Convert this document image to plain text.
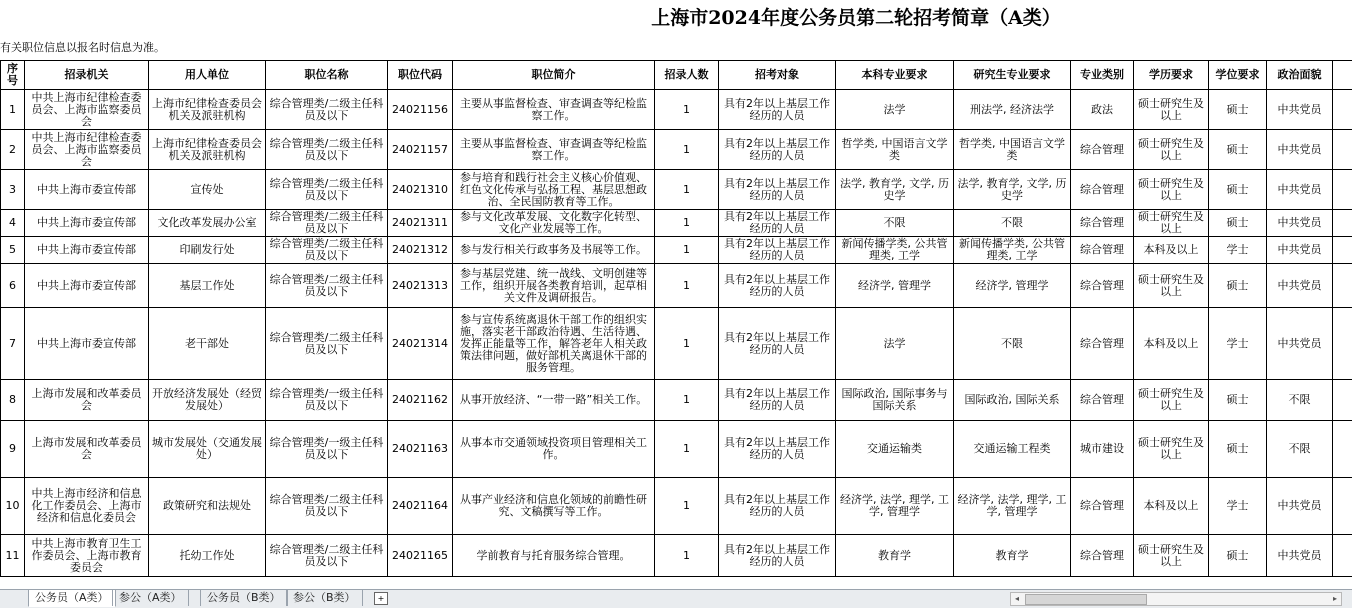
上海市2024年度公务员第二轮招考简章（A类）
有关职位信息以报名时信息为准。
序号	招录机关	用人单位	职位名称	职位代码	职位简介	招录人数	招考对象	本科专业要求	研究生专业要求	专业类别	学历要求	学位要求	政治面貌	
1	中共上海市纪律检查委员会、上海市监察委员会	上海市纪律检查委员会机关及派驻机构	综合管理类/二级主任科员及以下	24021156	主要从事监督检查、审查调查等纪检监察工作。	1	具有2年以上基层工作经历的人员	法学	刑法学, 经济法学	政法	硕士研究生及以上	硕士	中共党员	
2	中共上海市纪律检查委员会、上海市监察委员会	上海市纪律检查委员会机关及派驻机构	综合管理类/二级主任科员及以下	24021157	主要从事监督检查、审查调查等纪检监察工作。	1	具有2年以上基层工作经历的人员	哲学类, 中国语言文学类	哲学类, 中国语言文学类	综合管理	硕士研究生及以上	硕士	中共党员	
3	中共上海市委宣传部	宣传处	综合管理类/二级主任科员及以下	24021310	参与培育和践行社会主义核心价值观、红色文化传承与弘扬工程、基层思想政治、全民国防教育等工作。	1	具有2年以上基层工作经历的人员	法学, 教育学, 文学, 历史学	法学, 教育学, 文学, 历史学	综合管理	硕士研究生及以上	硕士	中共党员	
4	中共上海市委宣传部	文化改革发展办公室	综合管理类/二级主任科员及以下	24021311	参与文化改革发展、文化数字化转型、文化产业发展等工作。	1	具有2年以上基层工作经历的人员	不限	不限	综合管理	硕士研究生及以上	硕士	中共党员	
5	中共上海市委宣传部	印刷发行处	综合管理类/二级主任科员及以下	24021312	参与发行相关行政事务及书展等工作。	1	具有2年以上基层工作经历的人员	新闻传播学类, 公共管理类, 工学	新闻传播学类, 公共管理类, 工学	综合管理	本科及以上	学士	中共党员	
6	中共上海市委宣传部	基层工作处	综合管理类/二级主任科员及以下	24021313	参与基层党建、统一战线、文明创建等工作，组织开展各类教育培训，起草相关文件及调研报告。	1	具有2年以上基层工作经历的人员	经济学, 管理学	经济学, 管理学	综合管理	硕士研究生及以上	硕士	中共党员	
7	中共上海市委宣传部	老干部处	综合管理类/二级主任科员及以下	24021314	参与宣传系统离退休干部工作的组织实施，落实老干部政治待遇、生活待遇、发挥正能量等工作，解答老年人相关政策法律问题，做好部机关离退休干部的服务管理。	1	具有2年以上基层工作经历的人员	法学	不限	综合管理	本科及以上	学士	中共党员	
8	上海市发展和改革委员会	开放经济发展处（经贸发展处）	综合管理类/一级主任科员及以下	24021162	从事开放经济、“一带一路”相关工作。	1	具有2年以上基层工作经历的人员	国际政治, 国际事务与国际关系	国际政治, 国际关系	综合管理	硕士研究生及以上	硕士	不限	
9	上海市发展和改革委员会	城市发展处（交通发展处）	综合管理类/一级主任科员及以下	24021163	从事本市交通领域投资项目管理相关工作。	1	具有2年以上基层工作经历的人员	交通运输类	交通运输工程类	城市建设	硕士研究生及以上	硕士	不限	
10	中共上海市经济和信息化工作委员会、上海市经济和信息化委员会	政策研究和法规处	综合管理类/二级主任科员及以下	24021164	从事产业经济和信息化领域的前瞻性研究、文稿撰写等工作。	1	具有2年以上基层工作经历的人员	经济学, 法学, 理学, 工学, 管理学	经济学, 法学, 理学, 工学, 管理学	综合管理	本科及以上	学士	中共党员	
11	中共上海市教育卫生工作委员会、上海市教育委员会	托幼工作处	综合管理类/二级主任科员及以下	24021165	学前教育与托育服务综合管理。	1	具有2年以上基层工作经历的人员	教育学	教育学	综合管理	硕士研究生及以上	硕士	中共党员	
公务员（A类） 参公（A类）	公务员（B类）	参公（B类）	+	◂	▸
